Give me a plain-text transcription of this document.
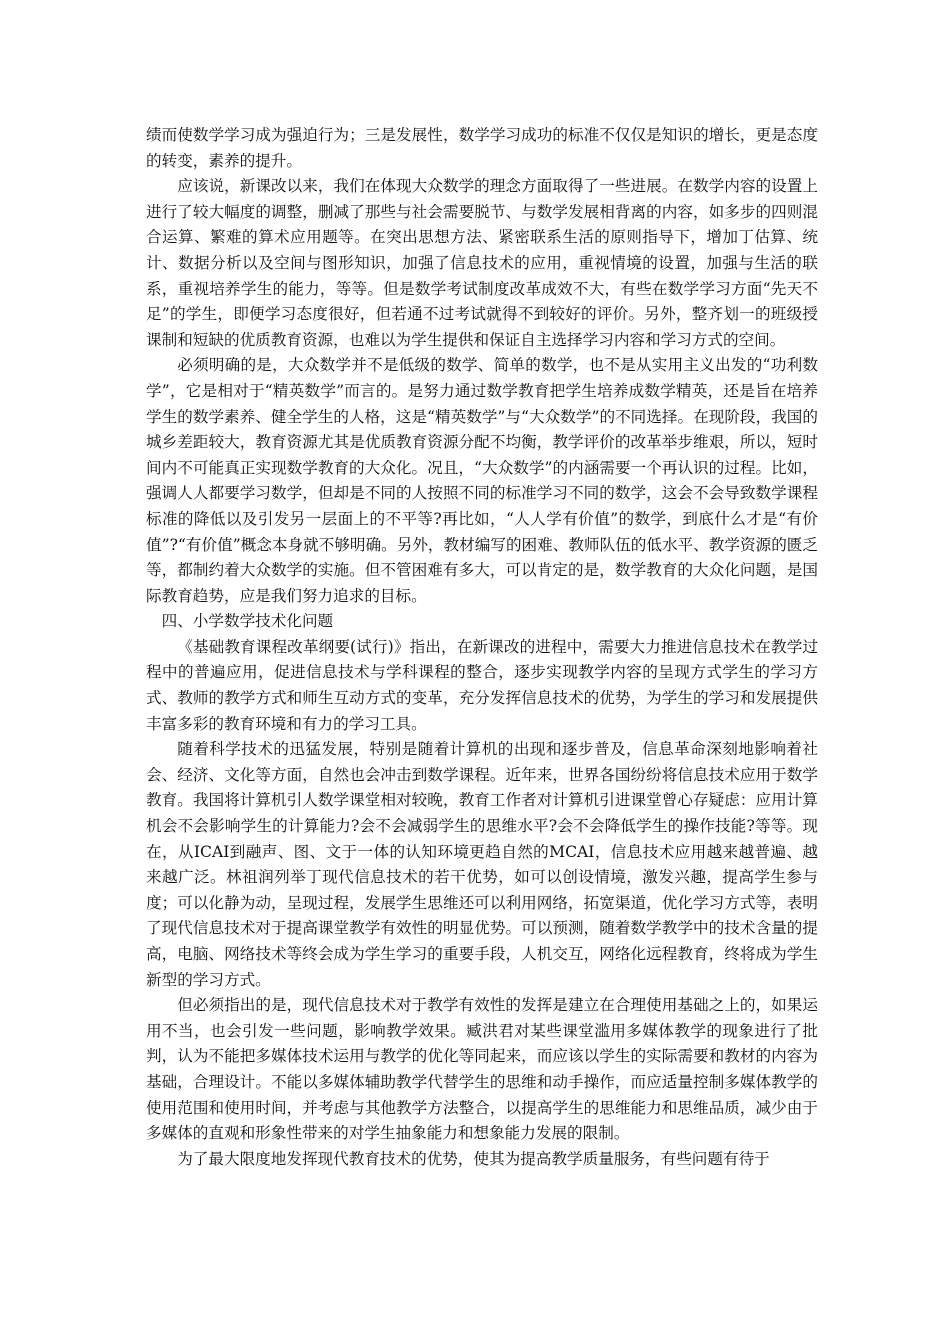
绩而使数学学习成为强迫行为；三是发展性，数学学习成功的标准不仅仅是知识的增长，更是态度的转变，素养的提升。

应该说，新课改以来，我们在体现大众数学的理念方面取得了一些进展。在数学内容的设置上进行了较大幅度的调整，删减了那些与社会需要脱节、与数学发展相背离的内容，如多步的四则混合运算、繁难的算术应用题等。在突出思想方法、紧密联系生活的原则指导下，增加丁估算、统计、数据分析以及空间与图形知识，加强了信息技术的应用，重视情境的设置，加强与生活的联系，重视培养学生的能力，等等。但是数学考试制度改革成效不大，有些在数学学习方面“先天不足”的学生，即便学习态度很好，但若通不过考试就得不到较好的评价。另外，整齐划一的班级授课制和短缺的优质教育资源，也难以为学生提供和保证自主选择学习内容和学习方式的空间。

必须明确的是，大众数学并不是低级的数学、简单的数学，也不是从实用主义出发的“功利数学”，它是相对于“精英数学”而言的。是努力通过数学教育把学生培养成数学精英，还是旨在培养学生的数学素养、健全学生的人格，这是“精英数学”与“大众数学”的不同选择。在现阶段，我国的城乡差距较大，教育资源尤其是优质教育资源分配不均衡，教学评价的改革举步维艰，所以，短时间内不可能真正实现数学教育的大众化。况且，“大众数学”的内涵需要一个再认识的过程。比如，强调人人都要学习数学，但却是不同的人按照不同的标准学习不同的数学，这会不会导致数学课程标准的降低以及引发另一层面上的不平等?再比如，“人人学有价值”的数学，到底什么才是“有价值”?“有价值”概念本身就不够明确。另外，教材编写的困难、教师队伍的低水平、教学资源的匮乏等，都制约着大众数学的实施。但不管困难有多大，可以肯定的是，数学教育的大众化问题，是国际教育趋势，应是我们努力追求的目标。

四、小学数学技术化问题

《基础教育课程改革纲要(试行)》指出，在新课改的进程中，需要大力推进信息技术在教学过程中的普遍应用，促进信息技术与学科课程的整合，逐步实现教学内容的呈现方式学生的学习方式、教师的教学方式和师生互动方式的变革，充分发挥信息技术的优势，为学生的学习和发展提供丰富多彩的教育环境和有力的学习工具。

随着科学技术的迅猛发展，特别是随着计算机的出现和逐步普及，信息革命深刻地影响着社会、经济、文化等方面，自然也会冲击到数学课程。近年来，世界各国纷纷将信息技术应用于数学教育。我国将计算机引人数学课堂相对较晚，教育工作者对计算机引进课堂曾心存疑虑：应用计算机会不会影响学生的计算能力?会不会减弱学生的思维水平?会不会降低学生的操作技能?等等。现在，从ICAI到融声、图、文于一体的认知环境更趋自然的MCAI，信息技术应用越来越普遍、越来越广泛。林祖润列举丁现代信息技术的若干优势，如可以创设情境，激发兴趣，提高学生参与度；可以化静为动，呈现过程，发展学生思维还可以利用网络，拓宽渠道，优化学习方式等，表明了现代信息技术对于提高课堂教学有效性的明显优势。可以预测，随着数学教学中的技术含量的提高，电脑、网络技术等终会成为学生学习的重要手段，人机交互，网络化远程教育，终将成为学生新型的学习方式。

但必须指出的是，现代信息技术对于教学有效性的发挥是建立在合理使用基础之上的，如果运用不当，也会引发一些问题，影响教学效果。臧洪君对某些课堂滥用多媒体教学的现象进行了批判，认为不能把多媒体技术运用与教学的优化等同起来，而应该以学生的实际需要和教材的内容为基础，合理设计。不能以多媒体辅助教学代替学生的思维和动手操作，而应适量控制多媒体教学的使用范围和使用时间，并考虑与其他教学方法整合，以提高学生的思维能力和思维品质，减少由于多媒体的直观和形象性带来的对学生抽象能力和想象能力发展的限制。

为了最大限度地发挥现代教育技术的优势，使其为提高教学质量服务，有些问题有待于
